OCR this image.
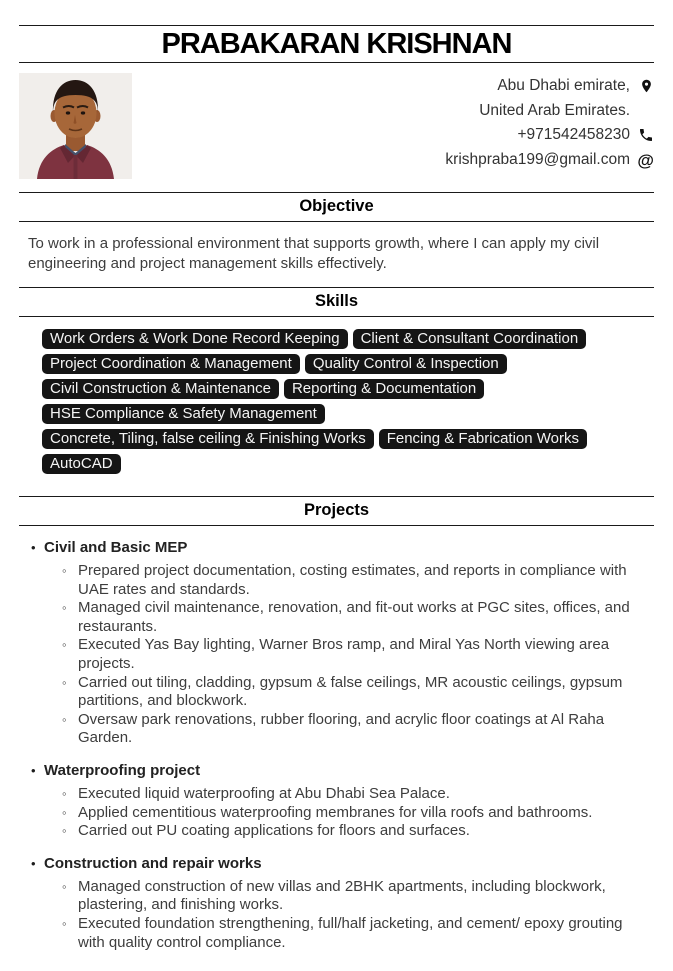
PRABAKARAN KRISHNAN
Abu Dhabi emirate,
United Arab Emirates.
+971542458230
krishpraba199@gmail.com @
Objective

To work in a professional environment that supports growth, where I can apply my civil engineering and project management skills effectively.

Skills
Work Orders & Work Done Record Keeping Client & Consultant CoordinationProject Coordination & Management Quality Control & InspectionCivil Construction & Maintenance Reporting & DocumentationHSE Compliance & Safety ManagementConcrete, Tiling, false ceiling & Finishing Works Fencing & Fabrication WorksAutoCAD
Projects
•
Civil and Basic MEP
◦ Prepared project documentation, costing estimates, and reports in compliance with UAE rates and standards.
◦ Managed civil maintenance, renovation, and fit-out works at PGC sites, offices, and restaurants.
◦ Executed Yas Bay lighting, Warner Bros ramp, and Miral Yas North viewing area projects.
◦ Carried out tiling, cladding, gypsum & false ceilings, MR acoustic ceilings, gypsum partitions, and blockwork.
◦ Oversaw park renovations, rubber flooring, and acrylic floor coatings at Al Raha Garden.
•
Waterproofing project
◦ Executed liquid waterproofing at Abu Dhabi Sea Palace.
◦ Applied cementitious waterproofing membranes for villa roofs and bathrooms.
◦ Carried out PU coating applications for floors and surfaces.
•
Construction and repair works
◦ Managed construction of new villas and 2BHK apartments, including blockwork, plastering, and finishing works.
◦ Executed foundation strengthening, full/half jacketing, and cement/ epoxy grouting with quality control compliance.
